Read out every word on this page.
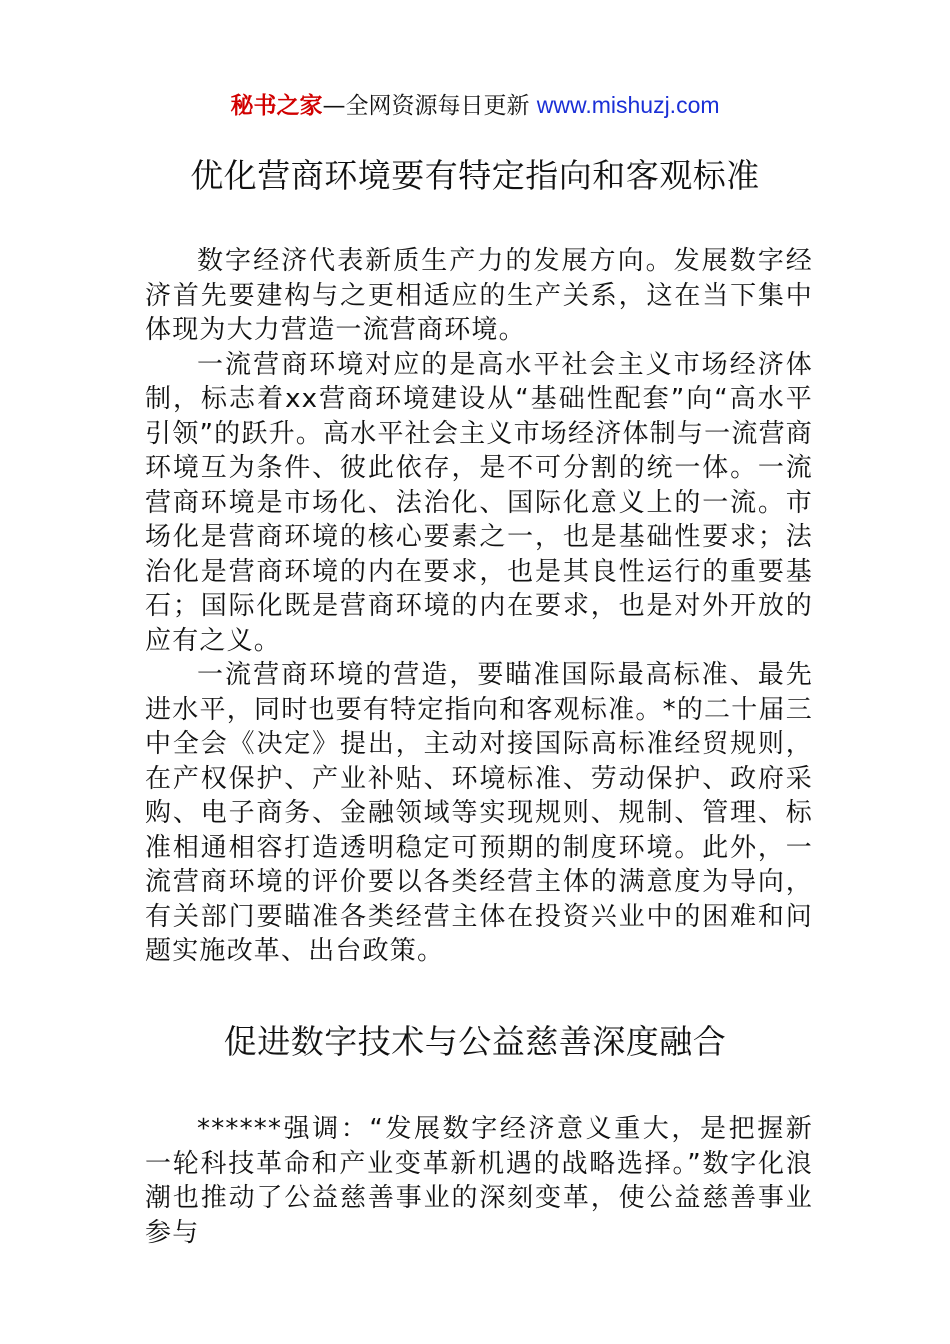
秘书之家—全网资源每日更新 www.mishuzj.com
优化营商环境要有特定指向和客观标准

数字经济代表新质生产力的发展方向。发展数字经济首先要建构与之更相适应的生产关系，这在当下集中体现为大力营造一流营商环境。

一流营商环境对应的是高水平社会主义市场经济体制，标志着xx营商环境建设从“基础性配套”向“高水平引领”的跃升。高水平社会主义市场经济体制与一流营商环境互为条件、彼此依存，是不可分割的统一体。一流营商环境是市场化、法治化、国际化意义上的一流。市场化是营商环境的核心要素之一，也是基础性要求；法治化是营商环境的内在要求，也是其良性运行的重要基石；国际化既是营商环境的内在要求，也是对外开放的应有之义。

一流营商环境的营造，要瞄准国际最高标准、最先进水平，同时也要有特定指向和客观标准。*的二十届三中全会《决定》提出，主动对接国际高标准经贸规则，在产权保护、产业补贴、环境标准、劳动保护、政府采购、电子商务、金融领域等实现规则、规制、管理、标准相通相容打造透明稳定可预期的制度环境。此外，一流营商环境的评价要以各类经营主体的满意度为导向，有关部门要瞄准各类经营主体在投资兴业中的困难和问题实施改革、出台政策。

促进数字技术与公益慈善深度融合

******强调：“发展数字经济意义重大，是把握新一轮科技革命和产业变革新机遇的战略选择。”数字化浪潮也推动了公益慈善事业的深刻变革，使公益慈善事业参与
